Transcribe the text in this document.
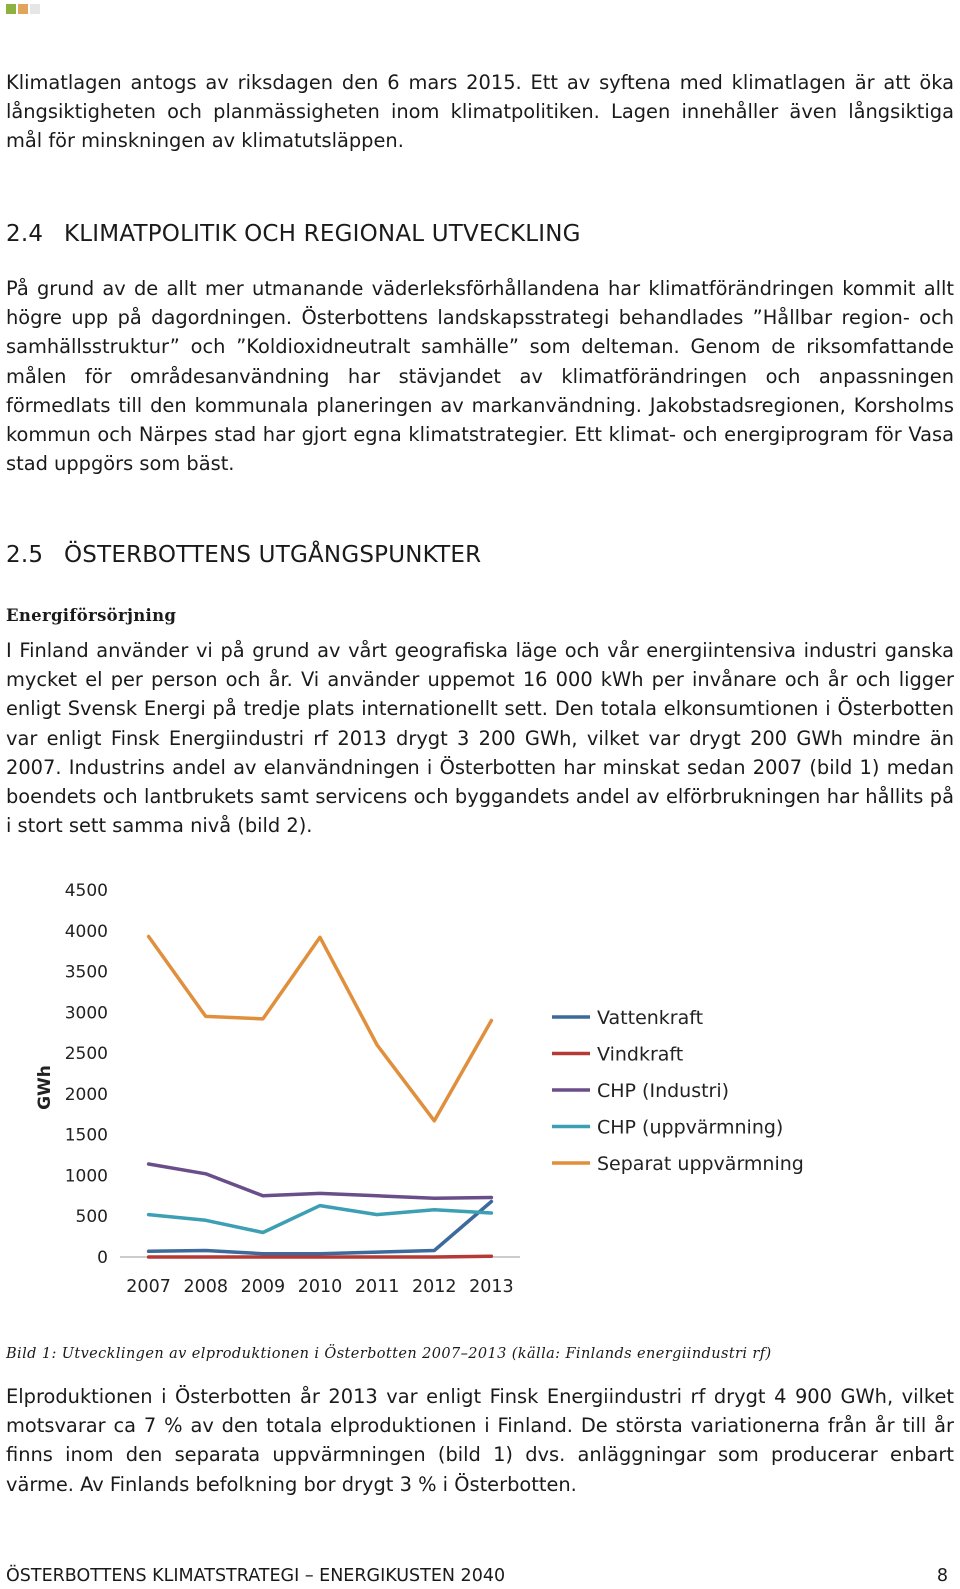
Klimatlagen antogs av riksdagen den 6 mars 2015. Ett av syftena med klimatlagen är att öka långsiktigheten och planmässigheten inom klimatpolitiken. Lagen innehåller även långsiktiga mål för minskningen av klimatutsläppen.

2.4 KLIMATPOLITIK OCH REGIONAL UTVECKLING

På grund av de allt mer utmanande väderleksförhållandena har klimatförändringen kommit allt högre upp på dagordningen. Österbottens landskapsstrategi behandlades ”Hållbar region- och samhällsstruktur” och ”Koldioxidneutralt samhälle” som delteman. Genom de riksomfattande målen för områdesanvändning har stävjandet av klimatförändringen och anpassningen förmedlats till den kommunala planeringen av markanvändning. Jakobstadsregionen, Korsholms kommun och Närpes stad har gjort egna klimatstrategier. Ett klimat- och energiprogram för Vasa stad uppgörs som bäst.

2.5 ÖSTERBOTTENS UTGÅNGSPUNKTER
Energiförsörjning

I Finland använder vi på grund av vårt geografiska läge och vår energiintensiva industri ganska mycket el per person och år. Vi använder uppemot 16 000 kWh per invånare och år och ligger enligt Svensk Energi på tredje plats internationellt sett. Den totala elkonsumtionen i Österbotten var enligt Finsk Energiindustri rf 2013 drygt 3 200 GWh, vilket var drygt 200 GWh mindre än 2007. Industrins andel av elanvändningen i Österbotten har minskat sedan 2007 (bild 1) medan boendets och lantbrukets samt servicens och byggandets andel av elförbrukningen har hållits på i stort sett samma nivå (bild 2).

0
500
1000
1500
2000
2500
3000
3500
4000
4500
GWh
2007 2008 2009 2010 2011 2012 2013
Vattenkraft
Vindkraft
CHP (Industri)
CHP (uppvärmning)
Separat uppvärmning

Bild 1: Utvecklingen av elproduktionen i Österbotten 2007–2013 (källa: Finlands energiindustri rf)

Elproduktionen i Österbotten år 2013 var enligt Finsk Energiindustri rf drygt 4 900 GWh, vilket motsvarar ca 7 % av den totala elproduktionen i Finland. De största variationerna från år till år finns inom den separata uppvärmningen (bild 1) dvs. anläggningar som producerar enbart värme. Av Finlands befolkning bor drygt 3 % i Österbotten.

ÖSTERBOTTENS KLIMATSTRATEGI – ENERGIKUSTEN 2040	8
